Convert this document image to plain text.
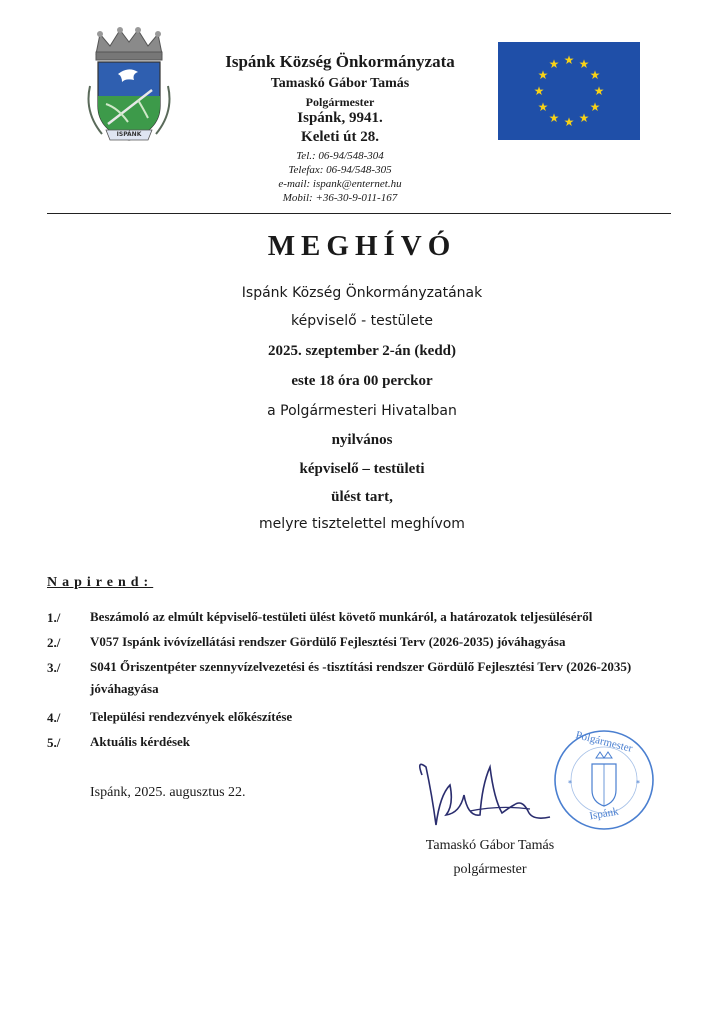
ISPÁNK
Ispánk Község Önkormányzata
Tamaskó Gábor Tamás
Polgármester
Ispánk, 9941.
Keleti út 28.
Tel.: 06-94/548-304
Telefax: 06-94/548-305
e-mail: ispank@enternet.hu
Mobil: +36-30-9-011-167
★ ★
★
★
★
★
★
★
★
★
★
★
MEGHÍVÓ
Ispánk Község Önkormányzatának
képviselő - testülete
2025. szeptember 2-án (kedd)
este 18 óra 00 perckor
a Polgármesteri Hivatalban
nyilvános
képviselő – testületi
ülést tart,
melyre tisztelettel meghívom
Napirend:
1./ Beszámoló az elmúlt képviselő-testületi ülést követő munkáról, a határozatok teljesüléséről
2./ V057 Ispánk ivóvízellátási rendszer Gördülő Fejlesztési Terv (2026-2035) jóváhagyása
3./ S041 Őriszentpéter szennyvízelvezetési és -tisztítási rendszer Gördülő Fejlesztési Terv (2026-2035) jóváhagyása
4./ Települési rendezvények előkészítése
5./ Aktuális kérdések
Ispánk, 2025. augusztus 22.
*	*
Polgármester
Ispánk
Tamaskó Gábor Tamás
polgármester
